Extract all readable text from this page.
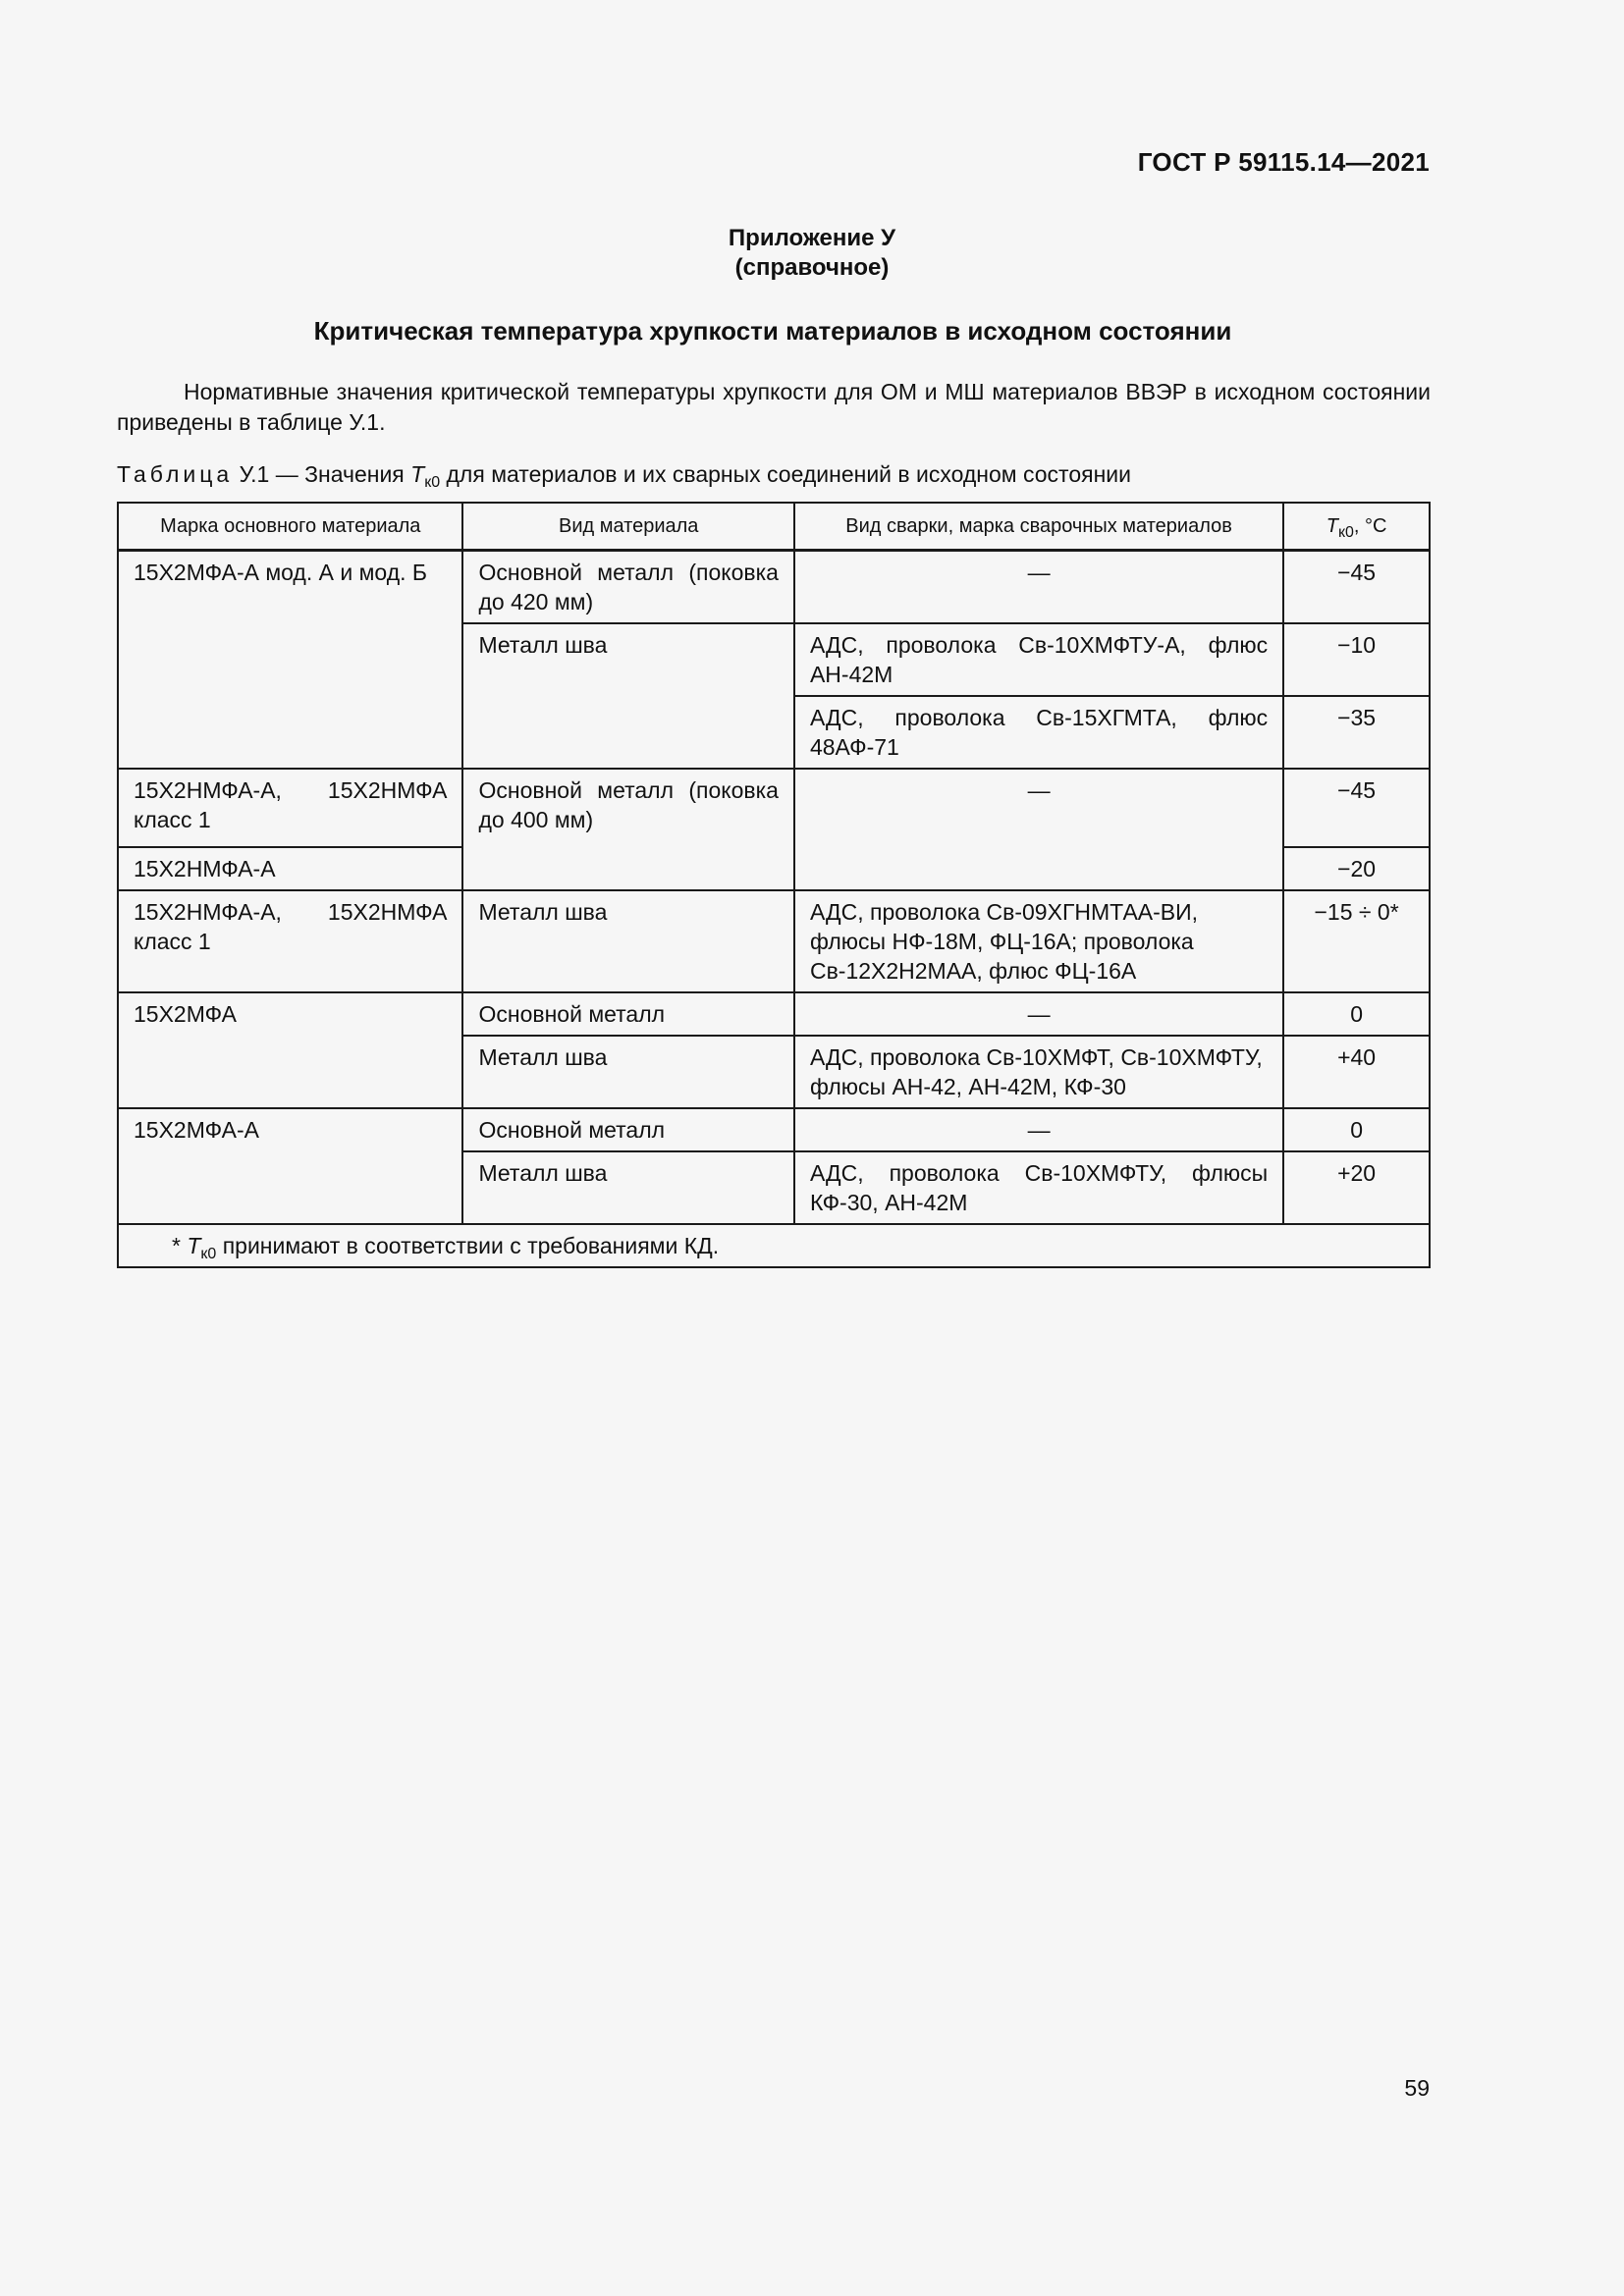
ГОСТ Р 59115.14—2021
Приложение У
(справочное)
Критическая температура хрупкости материалов в исходном состоянии

Нормативные значения критической температуры хрупкости для ОМ и МШ материалов ВВЭР в исходном состоянии приведены в таблице У.1.

Таблица У.1 — Значения $T_{к0}$ для материалов и их сварных соединений в исходном состоянии
Марка основного материала	Вид материала	Вид сварки, марка сварочных материалов	$T_{к0}$, °C
15Х2МФА-А мод. А и мод. Б	Основной металл (поковка до 420 мм)	—	−45
	Металл шва	АДС, проволока Св-10ХМФТУ-А, флюс АН-42М	−10
		АДС, проволока Св-15ХГМТА, флюс 48АФ-71	−35
15Х2НМФА-А, 15Х2НМФА класс 1	Основной металл (поковка до 400 мм)	—	−45
15Х2НМФА-А			−20
15Х2НМФА-А, 15Х2НМФА класс 1	Металл шва	АДС, проволока Св-09ХГНМТАА-ВИ, флюсы НФ-18М, ФЦ-16А; проволока Св-12Х2Н2МАА, флюс ФЦ-16А	−15 ÷ 0*
15Х2МФА	Основной металл	—	0
	Металл шва	АДС, проволока Св-10ХМФТ, Св-10ХМФТУ, флюсы АН-42, АН-42М, КФ-30	+40
15Х2МФА-А	Основной металл	—	0
	Металл шва	АДС, проволока Св-10ХМФТУ, флюсы КФ-30, АН-42М	+20
* $T_{к0}$ принимают в соответствии с требованиями КД.			
59
